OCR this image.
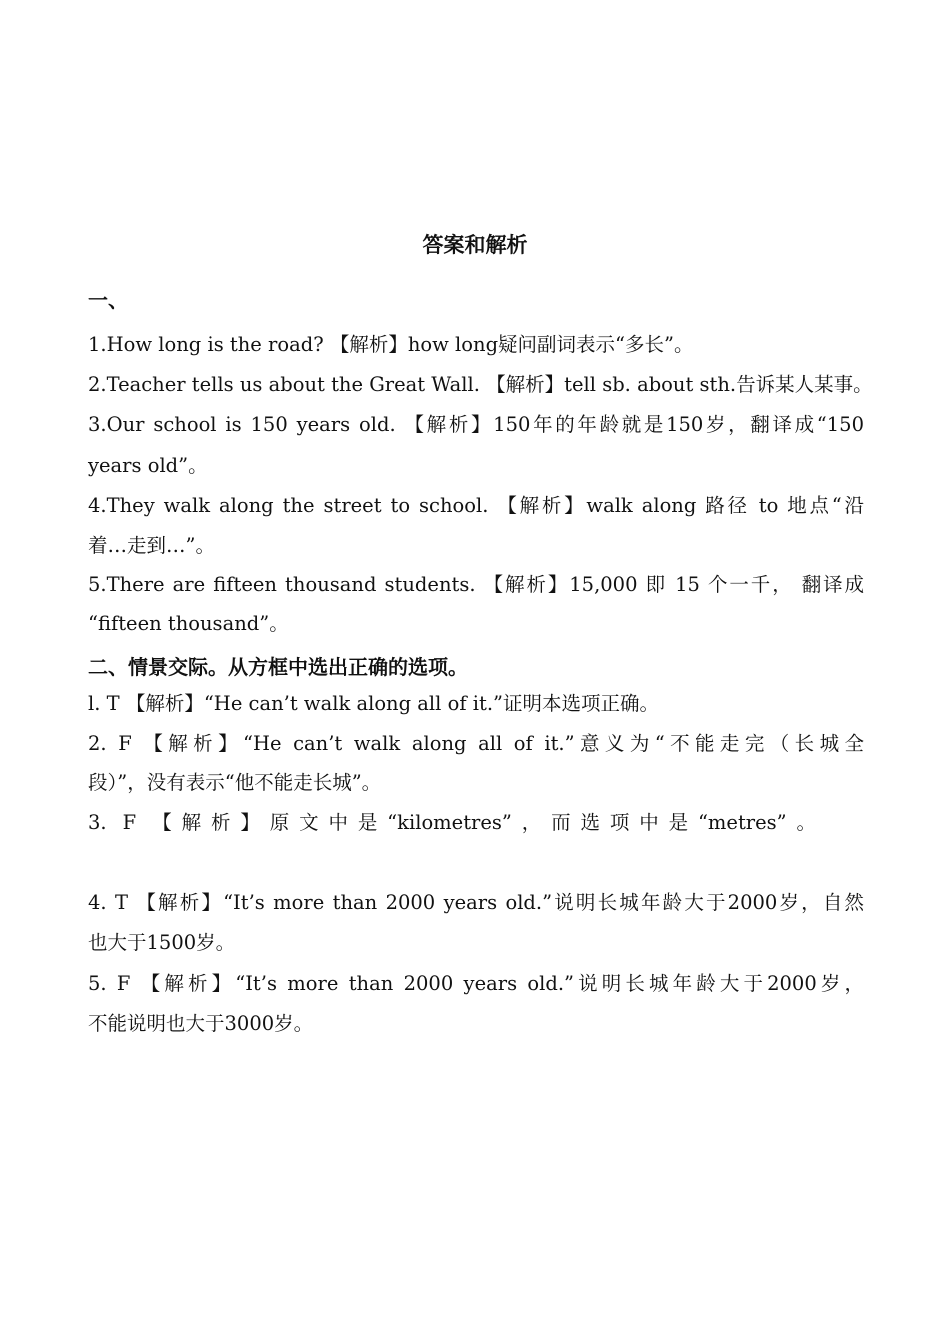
答案和解析
一、
1.How long is the road? 【解析】how long疑问副词表示“多长”。
2.Teacher tells us about the Great Wall. 【解析】tell sb. about sth.告诉某人某事。
3.Our school is 150 years old. 【解析】150年的年龄就是150岁，翻译成“150
years old”。
4.They walk along the street to school. 【解析】walk along 路径 to 地点“沿
着…走到…”。
5.There are fifteen thousand students. 【解析】15,000 即 15 个一千， 翻译成
“fifteen thousand”。
二、情景交际。从方框中选出正确的选项。
l. T 【解析】“He can’t walk along all of it.”证明本选项正确。
2. F 【解析】“He can’t walk along all of it.”意义为“不能走完（长城全
段）”，没有表示“他不能走长城”。
3. F 【解析】原文中是“kilometres”，而选项中是“metres”。
4. T 【解析】“It’s more than 2000 years old.”说明长城年龄大于2000岁，自然
也大于1500岁。
5. F 【解析】“It’s more than 2000 years old.”说明长城年龄大于2000岁，
不能说明也大于3000岁。
